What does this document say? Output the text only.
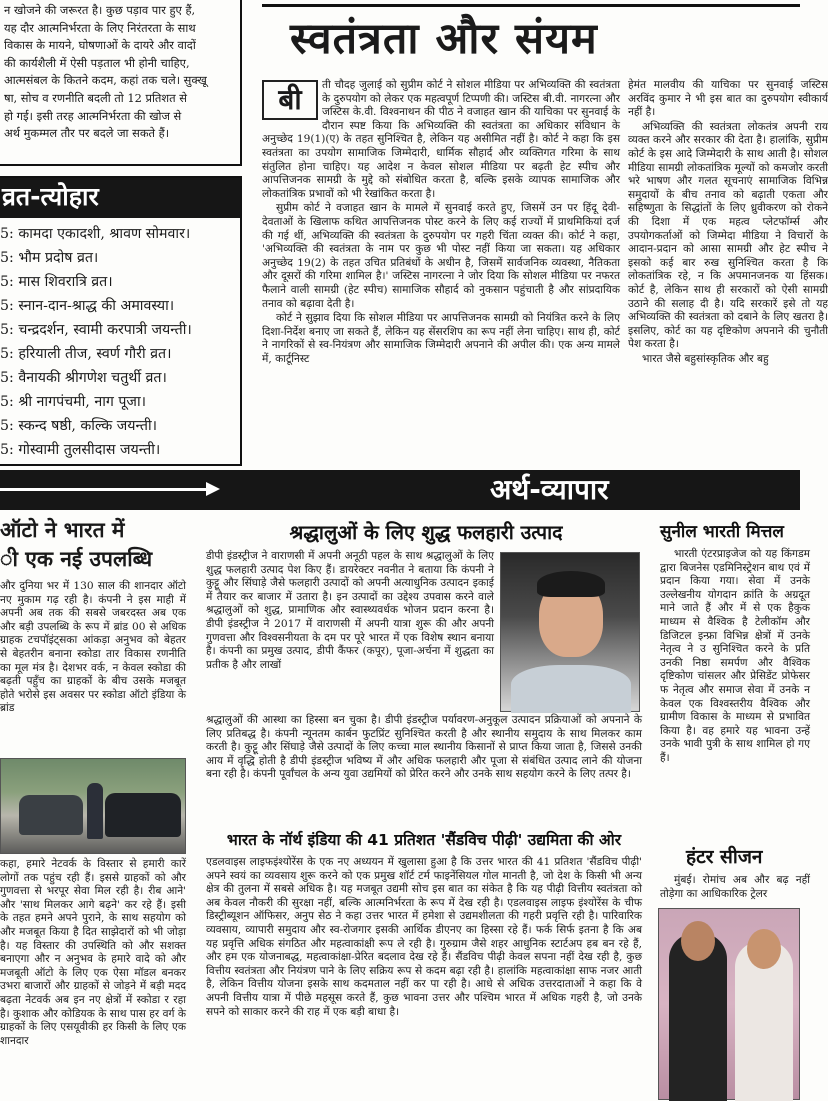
न खोजने की जरूरत है। कुछ पड़ाव पार हुए हैं,
यह दौर आत्मनिर्भरता के लिए निरंतरता के साथ
विकास के मायने, घोषणाओं के दायरे और वादों
की कार्यशैली में ऐसी पड़ताल भी होनी चाहिए,
आत्मसंबल के कितने कदम, कहां तक चले। सुक्खू
षा, सोच व रणनीति बदली तो 12 प्रतिशत से
हो गई। इसी तरह आत्मनिर्भरता की खोज से
अर्थ मुकम्मल तौर पर बदले जा सकते हैं।
व्रत-त्योहार
5: कामदा एकादशी, श्रावण सोमवार।
5: भौम प्रदोष व्रत।
5: मास शिवरात्रि व्रत।
5: स्नान-दान-श्राद्ध की अमावस्या।
5: चन्द्रदर्शन, स्वामी करपात्री जयन्ती।
5: हरियाली तीज, स्वर्ण गौरी व्रत।
5: वैनायकी श्रीगणेश चतुर्थी व्रत।
5: श्री नागपंचमी, नाग पूजा।
5: स्कन्द षष्ठी, कल्कि जयन्ती।
5: गोस्वामी तुलसीदास जयन्ती।
स्वतंत्रता और संयम
बी	ती चौदह जुलाई को सुप्रीम कोर्ट ने सोशल मीडिया पर अभिव्यक्ति की स्वतंत्रता के दुरुपयोग को लेकर एक महत्वपूर्ण टिप्पणी की। जस्टिस बी.वी. नागरत्ना और जस्टिस के.वी. विश्वनाथन की पीठ ने वजाहत खान की याचिका पर सुनवाई के दौरान स्पष्ट किया कि अभिव्यक्ति की स्वतंत्रता का अधिकार संविधान के अनुच्छेद 19(1)(ए) के तहत सुनिश्चित है, लेकिन यह असीमित नहीं है। कोर्ट ने कहा कि इस स्वतंत्रता का उपयोग सामाजिक जिम्मेदारी, धार्मिक सौहार्द और व्यक्तिगत गरिमा के साथ संतुलित होना चाहिए। यह आदेश न केवल सोशल मीडिया पर बढ़ती हेट स्पीच और आपत्तिजनक सामग्री के मुद्दे को संबोधित करता है, बल्कि इसके व्यापक सामाजिक और लोकतांत्रिक प्रभावों को भी रेखांकित करता है।

सुप्रीम कोर्ट ने वजाहत खान के मामले में सुनवाई करते हुए, जिसमें उन पर हिंदू देवी-देवताओं के खिलाफ कथित आपत्तिजनक पोस्ट करने के लिए कई राज्यों में प्राथमिकियां दर्ज की गई थीं, अभिव्यक्ति की स्वतंत्रता के दुरुपयोग पर गहरी चिंता व्यक्त की। कोर्ट ने कहा, 'अभिव्यक्ति की स्वतंत्रता के नाम पर कुछ भी पोस्ट नहीं किया जा सकता। यह अधिकार अनुच्छेद 19(2) के तहत उचित प्रतिबंधों के अधीन है, जिसमें सार्वजनिक व्यवस्था, नैतिकता और दूसरों की गरिमा शामिल है।' जस्टिस नागरत्ना ने जोर दिया कि सोशल मीडिया पर नफरत फैलाने वाली सामग्री (हेट स्पीच) सामाजिक सौहार्द को नुकसान पहुंचाती है और सांप्रदायिक तनाव को बढ़ावा देती है।

कोर्ट ने सुझाव दिया कि सोशल मीडिया पर आपत्तिजनक सामग्री को नियंत्रित करने के लिए दिशा-निर्देश बनाए जा सकते हैं, लेकिन यह सेंसरशिप का रूप नहीं लेना चाहिए। साथ ही, कोर्ट ने नागरिकों से स्व-नियंत्रण और सामाजिक जिम्मेदारी अपनाने की अपील की। एक अन्य मामले में, कार्टूनिस्ट

हेमंत मालवीय की याचिका पर सुनवाई जस्टिस अरविंद कुमार ने भी इस बात का दुरुपयोग स्वीकार्य नहीं है।

अभिव्यक्ति की स्वतंत्रता लोकतंत्र अपनी राय व्यक्त करने और सरकार की देता है। हालांकि, सुप्रीम कोर्ट के इस आदे जिम्मेदारी के साथ आती है। सोशल मीडिया सामग्री लोकतांत्रिक मूल्यों को कमजोर करती भरे भाषण और गलत सूचनाएं सामाजिक विभिन्न समुदायों के बीच तनाव को बढ़ाती एकता और सहिष्णुता के सिद्धांतों के लिए ध्रुवीकरण को रोकने की दिशा में एक महत्व प्लेटफॉर्म्स और उपयोगकर्ताओं को जिम्मेदा मीडिया ने विचारों के आदान-प्रदान को आसा सामग्री और हेट स्पीच ने इसको कई बार रुख सुनिश्चित करता है कि लोकतांत्रिक रहे, न कि अपमानजनक या हिंसक। कोर्ट है, लेकिन साथ ही सरकारों को ऐसी सामग्री उठाने की सलाह दी है। यदि सरकारें इसे तो यह अभिव्यक्ति की स्वतंत्रता को दबाने के लिए खतरा है। इसलिए, कोर्ट का यह दृष्टिकोण अपनाने की चुनौती पेश करता है।

भारत जैसे बहुसांस्कृतिक और बहु

अर्थ-व्यापार
ऑटो ने भारत में
ी एक नई उपलब्धि

और दुनिया भर में 130 साल की शानदार ऑटो नए मुकाम गढ़ रही है। कंपनी ने इस माही में अपनी अब तक की सबसे जबरदस्त अब एक और बड़ी उपलब्धि के रूप में ब्रांड 00 से अधिक ग्राहक टचपॉइंट्सका आंकड़ा अनुभव को बेहतर से बेहतरीन बनाना स्कोडा तार विकास रणनीति का मूल मंत्र है। देशभर वर्क, न केवल स्कोडा की बढ़ती पहुँच का ग्राहकों के बीच उसके मजबूत होते भरोसे इस अवसर पर स्कोडा ऑटो इंडिया के ब्रांड

कहा, हमारे नेटवर्क के विस्तार से हमारी कारें लोगों तक पहुंच रही हैं। इससे ग्राहकों को और गुणवत्ता से भरपूर सेवा मिल रही है। रीब आने' और 'साथ मिलकर आगे बढ़ने' कर रहे हैं। इसी के तहत हमने अपने पुराने, के साथ सहयोग को और मजबूत किया है दित साझेदारों को भी जोड़ा है। यह विस्तार की उपस्थिति को और सशक्त बनाएगा और न अनुभव के हमारे वादे को और मजबूती ऑटो के लिए एक ऐसा मॉडल बनकर उभरा बाजारों और ग्राहकों से जोड़ने में बड़ी मदद बढ़ता नेटवर्क अब इन नए क्षेत्रों में स्कोडा र रहा है। कुशाक और कोडियक के साथ पास हर वर्ग के ग्राहकों के लिए एसयूवीकी हर किसी के लिए एक शानदार

श्रद्धालुओं के लिए शुद्ध फलहारी उत्पाद

डीपी इंडस्ट्रीज ने वाराणसी में अपनी अनूठी पहल के साथ श्रद्धालुओं के लिए शुद्ध फलहारी उत्पाद पेश किए हैं। डायरेक्टर नवनीत ने बताया कि कंपनी ने कुट्टू और सिंघाड़े जैसे फलहारी उत्पादों को अपनी अत्याधुनिक उत्पादन इकाई में तैयार कर बाजार में उतारा है। इन उत्पादों का उद्देश्य उपवास करने वाले श्रद्धालुओं को शुद्ध, प्रामाणिक और स्वास्थ्यवर्धक भोजन प्रदान करना है। डीपी इंडस्ट्रीज ने 2017 में वाराणसी में अपनी यात्रा शुरू की और अपनी गुणवत्ता और विश्वसनीयता के दम पर पूरे भारत में एक विशेष स्थान बनाया है। कंपनी का प्रमुख उत्पाद, डीपी कैंफर (कपूर), पूजा-अर्चना में शुद्धता का प्रतीक है और लाखों

श्रद्धालुओं की आस्था का हिस्सा बन चुका है। डीपी इंडस्ट्रीज पर्यावरण-अनुकूल उत्पादन प्रक्रियाओं को अपनाने के लिए प्रतिबद्ध है। कंपनी न्यूनतम कार्बन फुटप्रिंट सुनिश्चित करती है और स्थानीय समुदाय के साथ मिलकर काम करती है। कुट्टू और सिंघाड़े जैसे उत्पादों के लिए कच्चा माल स्थानीय किसानों से प्राप्त किया जाता है, जिससे उनकी आय में वृद्धि होती है डीपी इंडस्ट्रीज भविष्य में और अधिक फलहारी और पूजा से संबंधित उत्पाद लाने की योजना बना रही है। कंपनी पूर्वांचल के अन्य युवा उद्यमियों को प्रेरित करने और उनके साथ सहयोग करने के लिए तत्पर है।

भारत के नॉर्थ इंडिया की 41 प्रतिशत 'सैंडविच पीढ़ी' उद्यमिता की ओर

एडलवाइस लाइफइंश्योरेंस के एक नए अध्ययन में खुलासा हुआ है कि उत्तर भारत की 41 प्रतिशत 'सैंडविच पीढ़ी' अपने स्वयं का व्यवसाय शुरू करने को एक प्रमुख शॉर्ट टर्म फाइनेंसियल गोल मानती है, जो देश के किसी भी अन्य क्षेत्र की तुलना में सबसे अधिक है। यह मजबूत उद्यमी सोच इस बात का संकेत है कि यह पीढ़ी वित्तीय स्वतंत्रता को अब केवल नौकरी की सुरक्षा नहीं, बल्कि आत्मनिर्भरता के रूप में देख रही है। एडलवाइस लाइफ इंश्योरेंस के चीफ डिस्ट्रीब्यूशन ऑफिसर, अनुप सेठ ने कहा उत्तर भारत में हमेशा से उद्यमशीलता की गहरी प्रवृत्ति रही है। पारिवारिक व्यवसाय, व्यापारी समुदाय और स्व-रोजगार इसकी आर्थिक डीएनए का हिस्सा रहे हैं। फर्क सिर्फ इतना है कि अब यह प्रवृत्ति अधिक संगठित और महत्वाकांक्षी रूप ले रही है। गुरुग्राम जैसे शहर आधुनिक स्टार्टअप हब बन रहे हैं, और हम एक योजनाबद्ध, महत्वाकांक्षा-प्रेरित बदलाव देख रहे हैं। सैंडविच पीढ़ी केवल सपना नहीं देख रही है, कुछ वित्तीय स्वतंत्रता और नियंत्रण पाने के लिए सक्रिय रूप से कदम बढ़ा रही है। हालांकि महत्वाकांक्षा साफ नजर आती है, लेकिन वित्तीय योजना इसके साथ कदमताल नहीं कर पा रही है। आधे से अधिक उत्तरदाताओं ने कहा कि वे अपनी वित्तीय यात्रा में पीछे महसूस करते हैं, कुछ भावना उत्तर और पश्चिम भारत में अधिक गहरी है, जो उनके सपने को साकार करने की राह में एक बड़ी बाधा है।

सुनील भारती मित्तल

भारती एंटरप्राइजेज को यह किंगडम द्वारा बिजनेस एडमिनिस्ट्रेशन बाथ एवं में प्रदान किया गया। सेवा में उनके उल्लेखनीय योगदान क्रांति के अग्रदूत माने जाते हैं और में से एक हैकुक माध्यम से वैश्विक है टेलीकॉम और डिजिटल इन्फ्रा विभिन्न क्षेत्रों में उनके नेतृत्व ने उ सुनिश्चित करने के प्रति उनकी निष्ठा समर्पण और वैश्विक दृष्टिकोण चांसलर और प्रेसिडेंट प्रोफेसर फ नेतृत्व और समाज सेवा में उनके न केवल एक विश्वस्तरीय वैश्विक और ग्रामीण विकास के माध्यम से प्रभावित किया है। वह हमारे यह भावना उन्हें उनके भावी पुत्री के साथ शामिल हो गए हैं।

हंटर सीजन

मुंबई। रोमांच अब और बढ़ नहीं तोड़ेगा का आधिकारिक ट्रेलर
